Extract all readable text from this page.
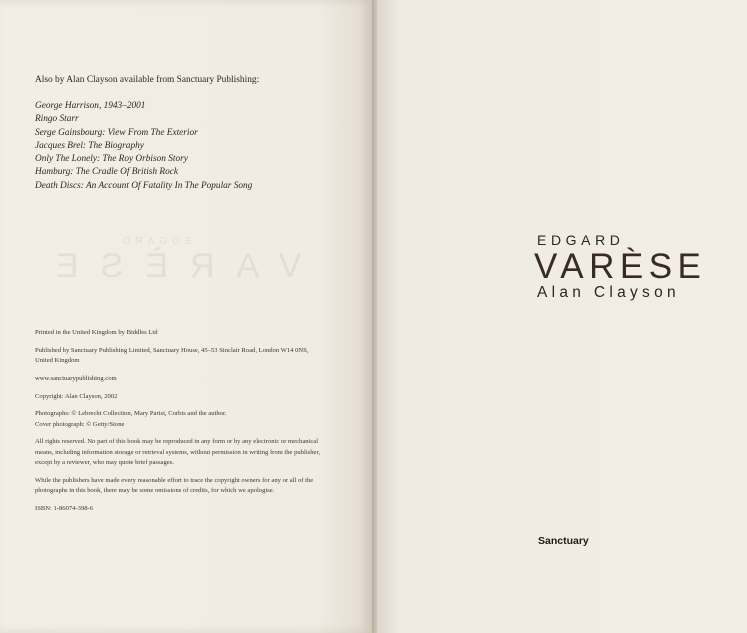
Also by Alan Clayson available from Sanctuary Publishing:
George Harrison, 1943–2001
Ringo Starr
Serge Gainsbourg: View From The Exterior
Jacques Brel: The Biography
Only The Lonely: The Roy Orbison Story
Hamburg: The Cradle Of British Rock
Death Discs: An Account Of Fatality In The Popular Song
EDGARD
VARÈSE

Printed in the United Kingdom by Biddles Ltd

Published by Sanctuary Publishing Limited, Sanctuary House, 45–53 Sinclair Road, London W14 0NS, United Kingdom

www.sanctuarypublishing.com

Copyright: Alan Clayson, 2002

Photographs: © Lebrecht Collection, Mary Parisi, Corbis and the author.
Cover photograph: © Getty/Stone

All rights reserved. No part of this book may be reproduced in any form or by any electronic or mechanical means, including information storage or retrieval systems, without permission in writing from the publisher, except by a reviewer, who may quote brief passages.

While the publishers have made every reasonable effort to trace the copyright owners for any or all of the photographs in this book, there may be some omissions of credits, for which we apologise.

ISBN: 1-86074-398-6

EDGARD
VARÈSE
Alan Clayson
Sanctuary
